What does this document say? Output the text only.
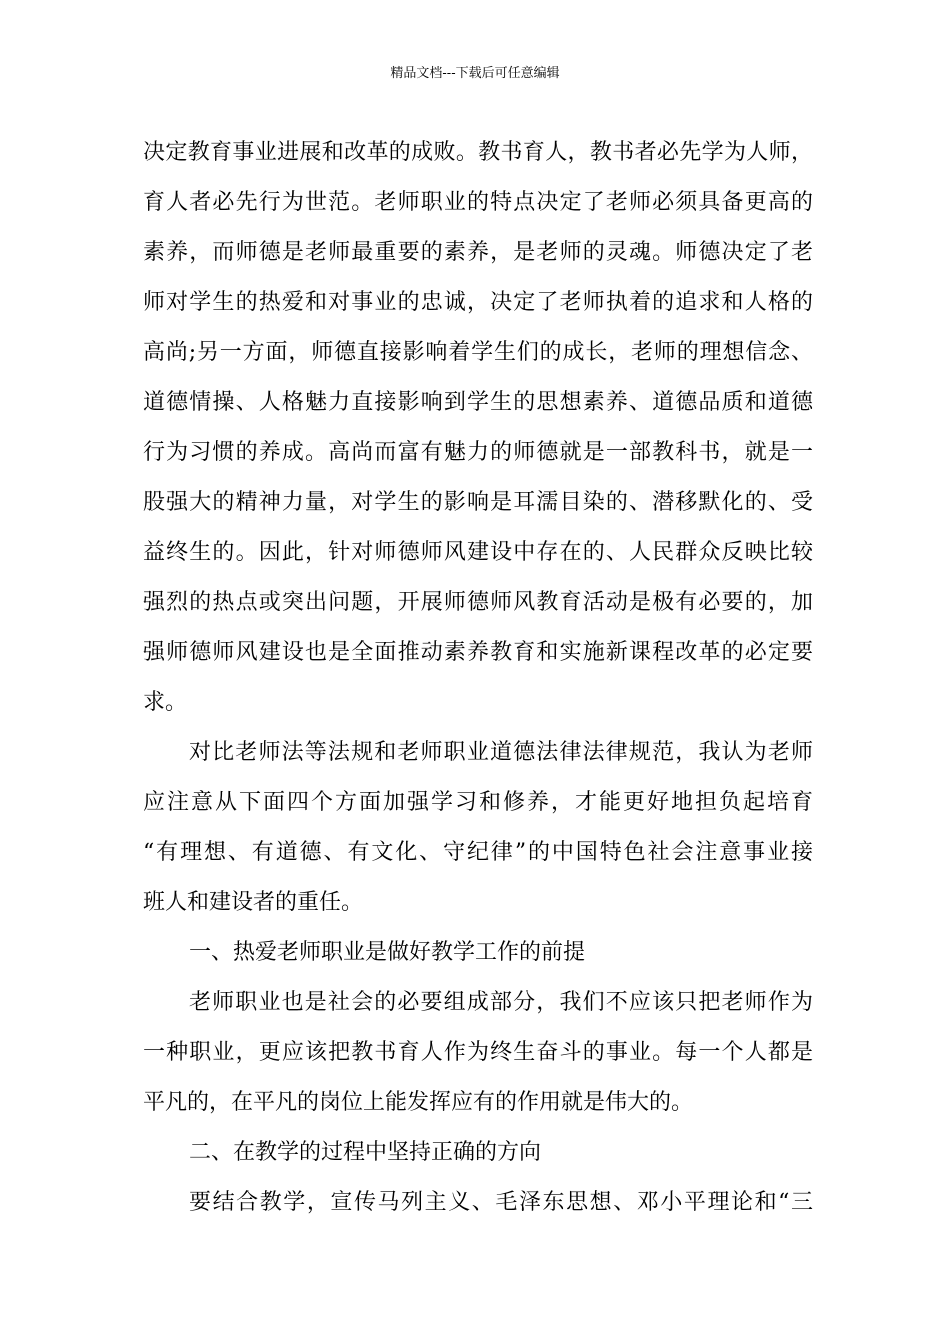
精品文档---下载后可任意编辑
决定教育事业进展和改革的成败。教书育人，教书者必先学为人师，
育人者必先行为世范。老师职业的特点决定了老师必须具备更高的
素养，而师德是老师最重要的素养，是老师的灵魂。师德决定了老
师对学生的热爱和对事业的忠诚，决定了老师执着的追求和人格的
高尚;另一方面，师德直接影响着学生们的成长，老师的理想信念、
道德情操、人格魅力直接影响到学生的思想素养、道德品质和道德
行为习惯的养成。高尚而富有魅力的师德就是一部教科书，就是一
股强大的精神力量，对学生的影响是耳濡目染的、潜移默化的、受
益终生的。因此，针对师德师风建设中存在的、人民群众反映比较
强烈的热点或突出问题，开展师德师风教育活动是极有必要的，加
强师德师风建设也是全面推动素养教育和实施新课程改革的必定要
求。
对比老师法等法规和老师职业道德法律法律规范，我认为老师
应注意从下面四个方面加强学习和修养，才能更好地担负起培育
“有理想、有道德、有文化、守纪律”的中国特色社会注意事业接
班人和建设者的重任。
一、热爱老师职业是做好教学工作的前提
老师职业也是社会的必要组成部分，我们不应该只把老师作为
一种职业，更应该把教书育人作为终生奋斗的事业。每一个人都是
平凡的，在平凡的岗位上能发挥应有的作用就是伟大的。
二、在教学的过程中坚持正确的方向
要结合教学，宣传马列主义、毛泽东思想、邓小平理论和“三
